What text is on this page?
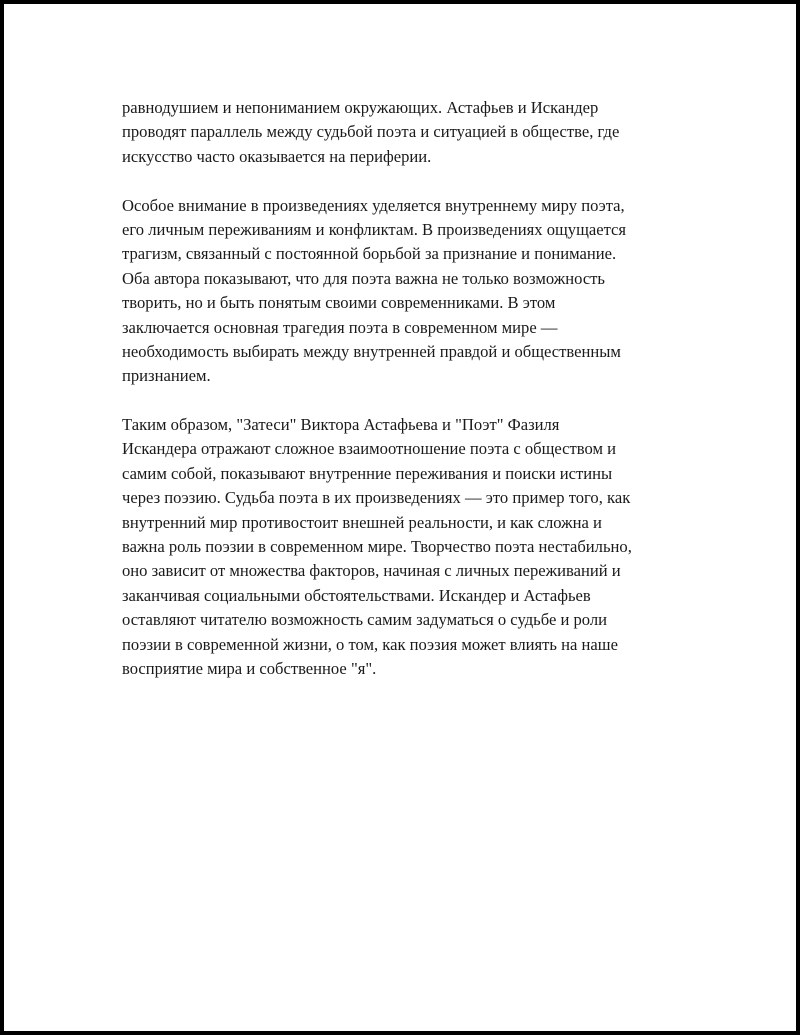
равнодушием и непониманием окружающих. Астафьев и Искандер
проводят параллель между судьбой поэта и ситуацией в обществе, где
искусство часто оказывается на периферии.
Особое внимание в произведениях уделяется внутреннему миру поэта,
его личным переживаниям и конфликтам. В произведениях ощущается
трагизм, связанный с постоянной борьбой за признание и понимание.
Оба автора показывают, что для поэта важна не только возможность
творить, но и быть понятым своими современниками. В этом
заключается основная трагедия поэта в современном мире —
необходимость выбирать между внутренней правдой и общественным
признанием.
Таким образом, "Затеси" Виктора Астафьева и "Поэт" Фазиля
Искандера отражают сложное взаимоотношение поэта с обществом и
самим собой, показывают внутренние переживания и поиски истины
через поэзию. Судьба поэта в их произведениях — это пример того, как
внутренний мир противостоит внешней реальности, и как сложна и
важна роль поэзии в современном мире. Творчество поэта нестабильно,
оно зависит от множества факторов, начиная с личных переживаний и
заканчивая социальными обстоятельствами. Искандер и Астафьев
оставляют читателю возможность самим задуматься о судьбе и роли
поэзии в современной жизни, о том, как поэзия может влиять на наше
восприятие мира и собственное "я".
